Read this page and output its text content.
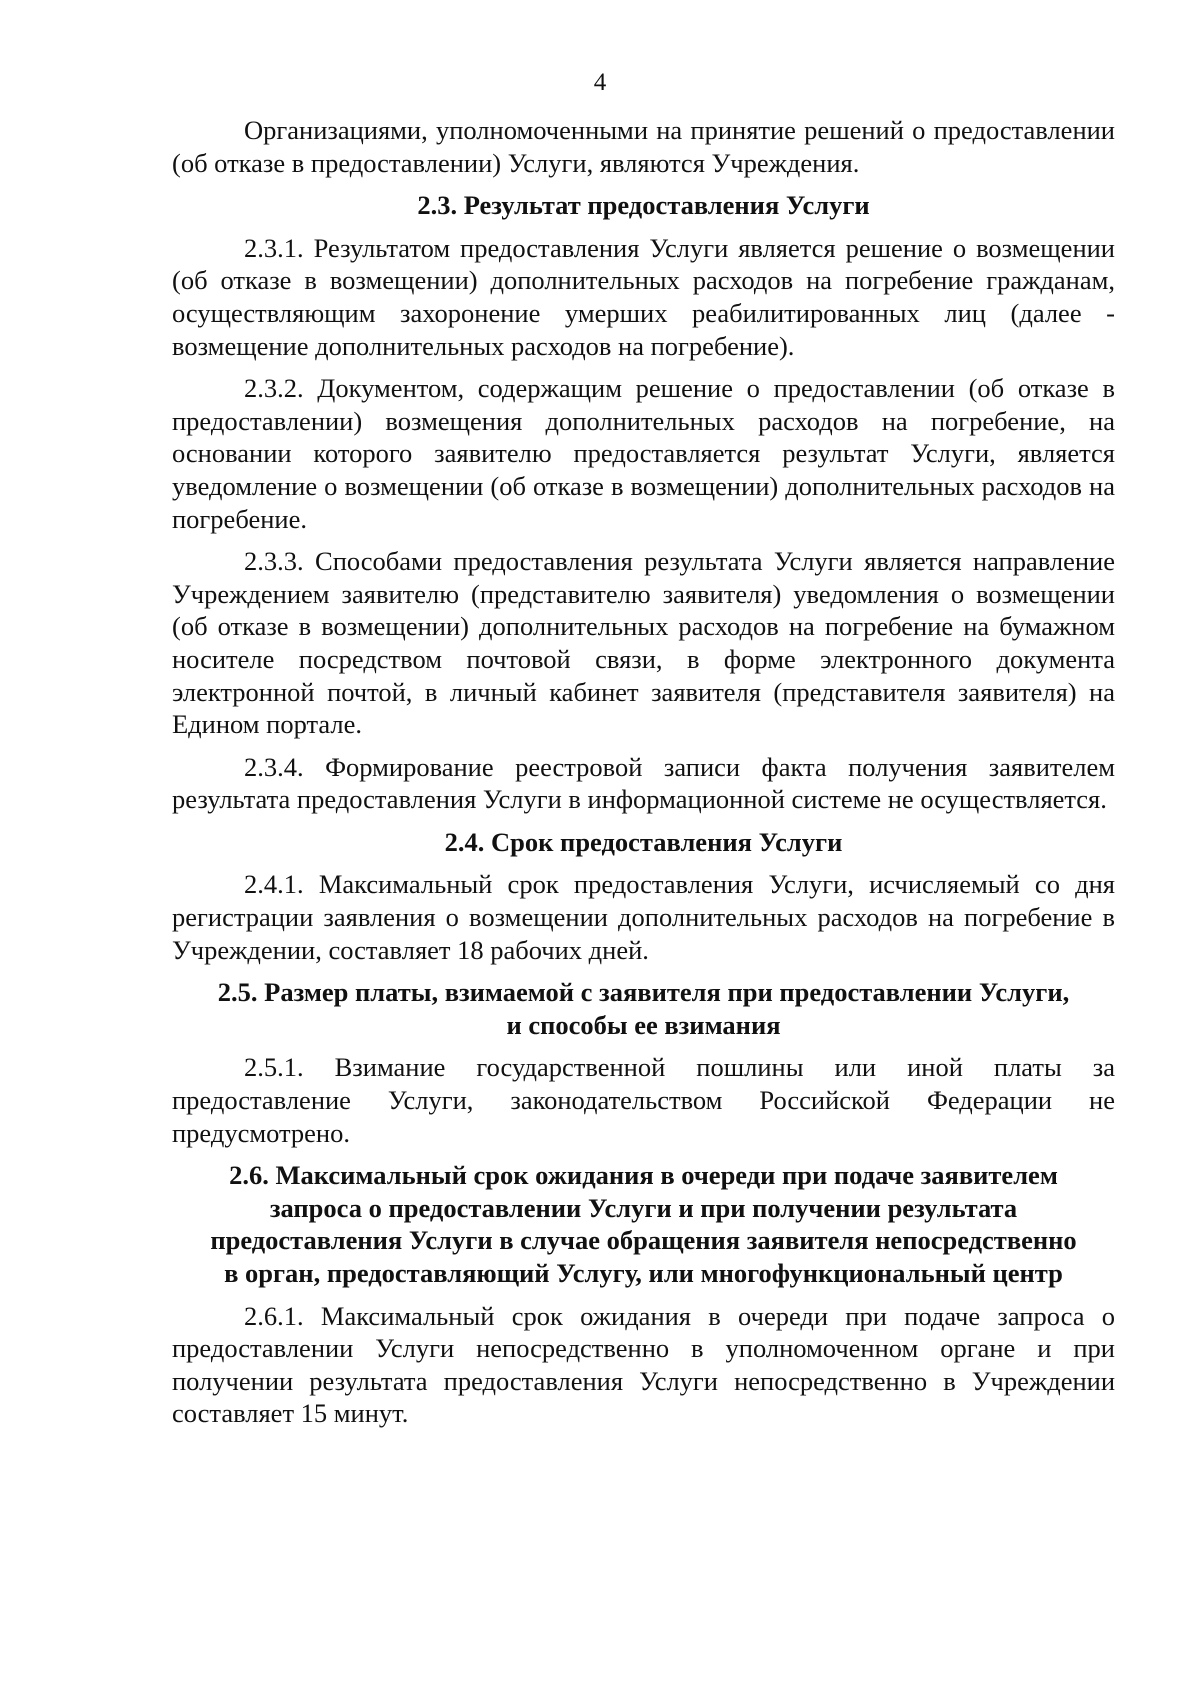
4

Организациями, уполномоченными на принятие решений о предоставлении (об отказе в предоставлении) Услуги, являются Учреждения.

2.3. Результат предоставления Услуги

2.3.1. Результатом предоставления Услуги является решение о возмещении (об отказе в возмещении) дополнительных расходов на погребение гражданам, осуществляющим захоронение умерших реабилитированных лиц (далее - возмещение дополнительных расходов на погребение).

2.3.2. Документом, содержащим решение о предоставлении (об отказе в предоставлении) возмещения дополнительных расходов на погребение, на основании которого заявителю предоставляется результат Услуги, является уведомление о возмещении (об отказе в возмещении) дополнительных расходов на погребение.

2.3.3. Способами предоставления результата Услуги является направление Учреждением заявителю (представителю заявителя) уведомления о возмещении (об отказе в возмещении) дополнительных расходов на погребение на бумажном носителе посредством почтовой связи, в форме электронного документа электронной почтой, в личный кабинет заявителя (представителя заявителя) на Едином портале.

2.3.4. Формирование реестровой записи факта получения заявителем результата предоставления Услуги в информационной системе не осуществляется.

2.4. Срок предоставления Услуги

2.4.1. Максимальный срок предоставления Услуги, исчисляемый со дня регистрации заявления о возмещении дополнительных расходов на погребение в Учреждении, составляет 18 рабочих дней.

2.5. Размер платы, взимаемой с заявителя при предоставлении Услуги,
и способы ее взимания

2.5.1. Взимание государственной пошлины или иной платы за предоставление Услуги, законодательством Российской Федерации не предусмотрено.

2.6. Максимальный срок ожидания в очереди при подаче заявителем
запроса о предоставлении Услуги и при получении результата
предоставления Услуги в случае обращения заявителя непосредственно
в орган, предоставляющий Услугу, или многофункциональный центр

2.6.1. Максимальный срок ожидания в очереди при подаче запроса о предоставлении Услуги непосредственно в уполномоченном органе и при получении результата предоставления Услуги непосредственно в Учреждении составляет 15 минут.
